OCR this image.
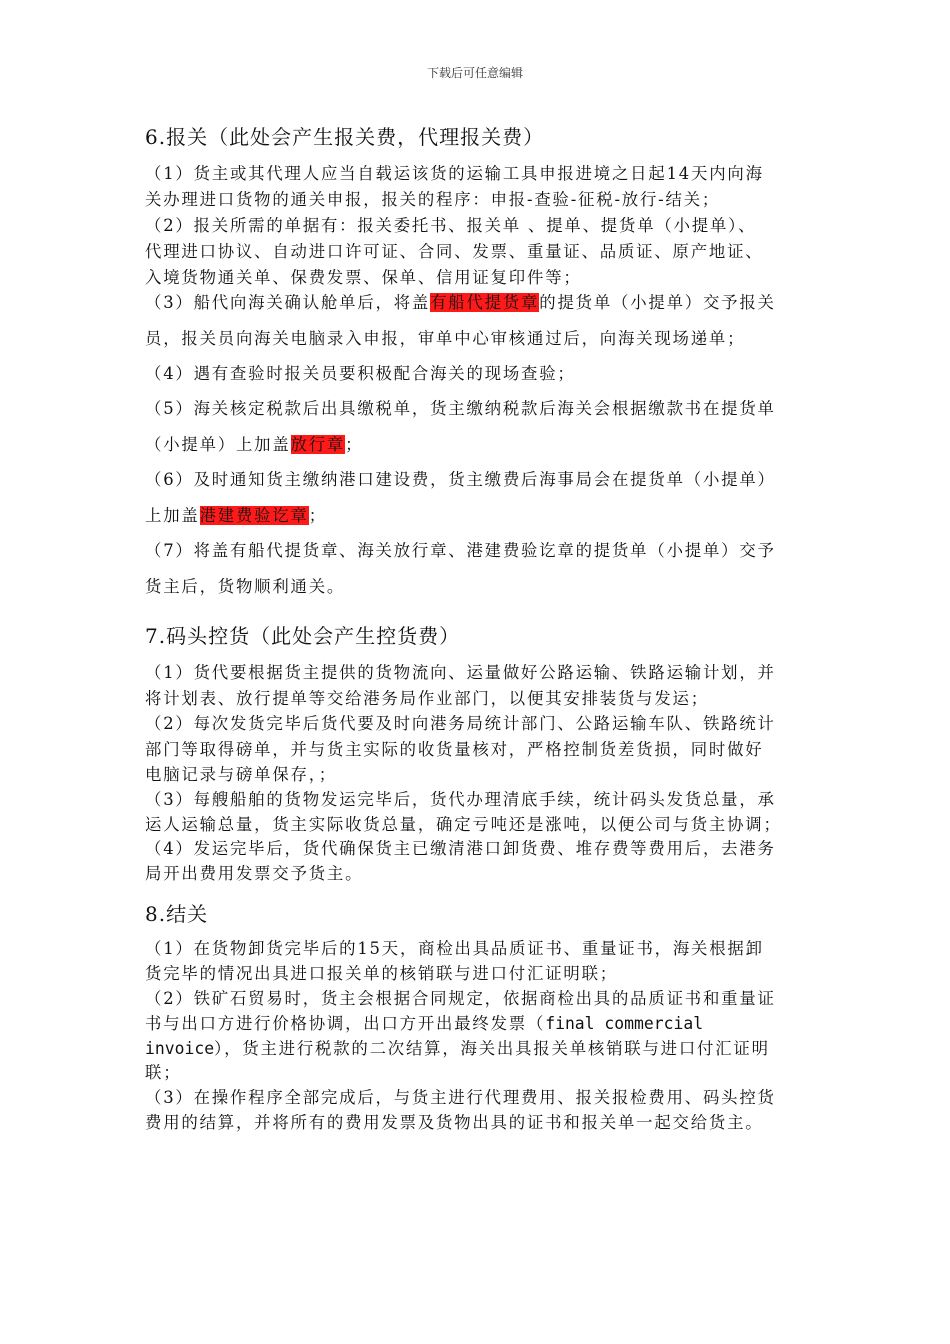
下载后可任意编辑
6.报关（此处会产生报关费，代理报关费）
（1）货主或其代理人应当自载运该货的运输工具申报进境之日起14天内向海
关办理进口货物的通关申报，报关的程序：申报-查验-征税-放行-结关；
（2）报关所需的单据有：报关委托书、报关单 、提单、提货单（小提单）、
代理进口协议、自动进口许可证、合同、发票、重量证、品质证、原产地证、
入境货物通关单、保费发票、保单、信用证复印件等；
（3）船代向海关确认舱单后，将盖有船代提货章的提货单（小提单）交予报关
员，报关员向海关电脑录入申报，审单中心审核通过后，向海关现场递单；
（4）遇有查验时报关员要积极配合海关的现场查验；
（5）海关核定税款后出具缴税单，货主缴纳税款后海关会根据缴款书在提货单
（小提单）上加盖放行章；
（6）及时通知货主缴纳港口建设费，货主缴费后海事局会在提货单（小提单）
上加盖港建费验讫章；
（7）将盖有船代提货章、海关放行章、港建费验讫章的提货单（小提单）交予
货主后，货物顺利通关。
7.码头控货（此处会产生控货费）
（1）货代要根据货主提供的货物流向、运量做好公路运输、铁路运输计划，并
将计划表、放行提单等交给港务局作业部门，以便其安排装货与发运；
（2）每次发货完毕后货代要及时向港务局统计部门、公路运输车队、铁路统计
部门等取得磅单，并与货主实际的收货量核对，严格控制货差货损，同时做好
电脑记录与磅单保存，；
（3）每艘船舶的货物发运完毕后，货代办理清底手续，统计码头发货总量，承
运人运输总量，货主实际收货总量，确定亏吨还是涨吨，以便公司与货主协调；
（4）发运完毕后，货代确保货主已缴清港口卸货费、堆存费等费用后，去港务
局开出费用发票交予货主。
8.结关
（1）在货物卸货完毕后的15天，商检出具品质证书、重量证书，海关根据卸
货完毕的情况出具进口报关单的核销联与进口付汇证明联；
（2）铁矿石贸易时，货主会根据合同规定，依据商检出具的品质证书和重量证
书与出口方进行价格协调，出口方开出最终发票（final commercial
invoice），货主进行税款的二次结算，海关出具报关单核销联与进口付汇证明
联；
（3）在操作程序全部完成后，与货主进行代理费用、报关报检费用、码头控货
费用的结算，并将所有的费用发票及货物出具的证书和报关单一起交给货主。
